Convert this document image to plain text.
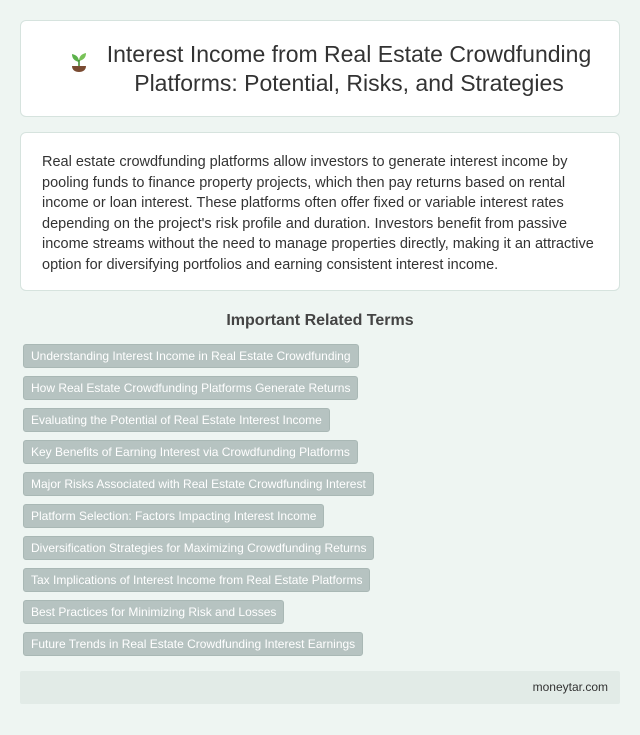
Interest Income from Real Estate Crowdfunding Platforms: Potential, Risks, and Strategies

Real estate crowdfunding platforms allow investors to generate interest income by pooling funds to finance property projects, which then pay returns based on rental income or loan interest. These platforms often offer fixed or variable interest rates depending on the project's risk profile and duration. Investors benefit from passive income streams without the need to manage properties directly, making it an attractive option for diversifying portfolios and earning consistent interest income.

Important Related Terms
Understanding Interest Income in Real Estate Crowdfunding
How Real Estate Crowdfunding Platforms Generate Returns
Evaluating the Potential of Real Estate Interest Income
Key Benefits of Earning Interest via Crowdfunding Platforms
Major Risks Associated with Real Estate Crowdfunding Interest
Platform Selection: Factors Impacting Interest Income
Diversification Strategies for Maximizing Crowdfunding Returns
Tax Implications of Interest Income from Real Estate Platforms
Best Practices for Minimizing Risk and Losses
Future Trends in Real Estate Crowdfunding Interest Earnings
moneytar.com
